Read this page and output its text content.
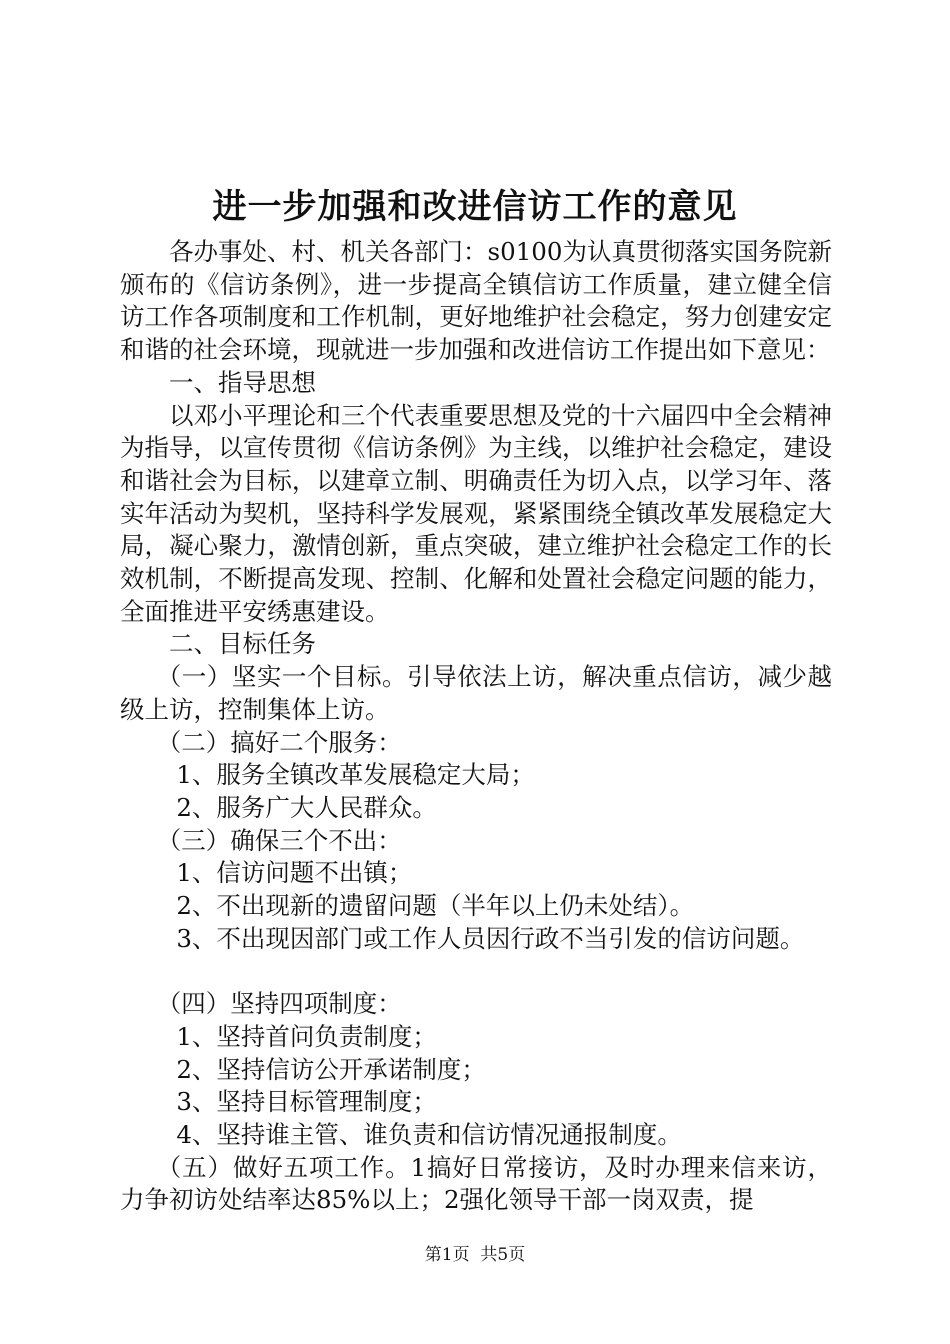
进一步加强和改进信访工作的意见

各办事处、村、机关各部门：s0100为认真贯彻落实国务院新颁布的《信访条例》，进一步提高全镇信访工作质量，建立健全信访工作各项制度和工作机制，更好地维护社会稳定，努力创建安定和谐的社会环境，现就进一步加强和改进信访工作提出如下意见：

一、指导思想

以邓小平理论和三个代表重要思想及党的十六届四中全会精神为指导，以宣传贯彻《信访条例》为主线，以维护社会稳定，建设和谐社会为目标，以建章立制、明确责任为切入点，以学习年、落实年活动为契机，坚持科学发展观，紧紧围绕全镇改革发展稳定大局，凝心聚力，激情创新，重点突破，建立维护社会稳定工作的长效机制，不断提高发现、控制、化解和处置社会稳定问题的能力，全面推进平安绣惠建设。

二、目标任务

（一）坚实一个目标。引导依法上访，解决重点信访，减少越级上访，控制集体上访。

（二）搞好二个服务：

1、服务全镇改革发展稳定大局；

2、服务广大人民群众。

（三）确保三个不出：

1、信访问题不出镇；

2、不出现新的遗留问题（半年以上仍未处结）。

3、不出现因部门或工作人员因行政不当引发的信访问题。

（四）坚持四项制度：

1、坚持首问负责制度；

2、坚持信访公开承诺制度；

3、坚持目标管理制度；

4、坚持谁主管、谁负责和信访情况通报制度。

（五）做好五项工作。1搞好日常接访，及时办理来信来访，力争初访处结率达85%以上；2强化领导干部一岗双责，提

第1页 共5页
